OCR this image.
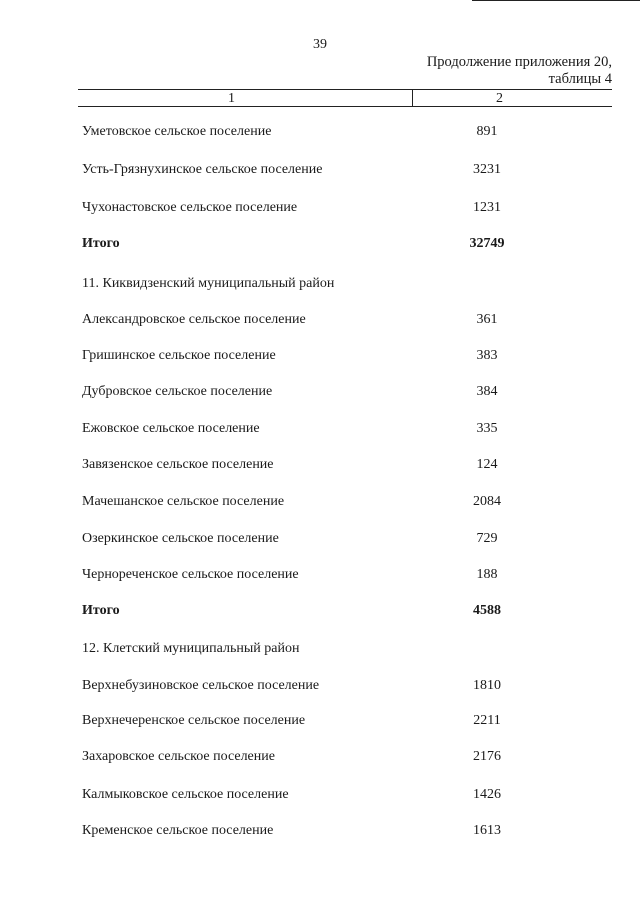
39
Продолжение приложения 20,
таблицы 4
1	2
Уметовское сельское поселение	891
Усть-Грязнухинское сельское поселение	3231
Чухонастовское сельское поселение	1231
Итого	32749
11. Киквидзенский муниципальный район
Александровское сельское поселение	361
Гришинское сельское поселение	383
Дубровское сельское поселение	384
Ежовское сельское поселение	335
Завязенское сельское поселение	124
Мачешанское сельское поселение	2084
Озеркинское сельское поселение	729
Чернореченское сельское поселение	188
Итого	4588
12. Клетский муниципальный район
Верхнебузиновское сельское поселение	1810
Верхнечеренское сельское поселение	2211
Захаровское сельское поселение	2176
Калмыковское сельское поселение	1426
Кременское сельское поселение	1613
